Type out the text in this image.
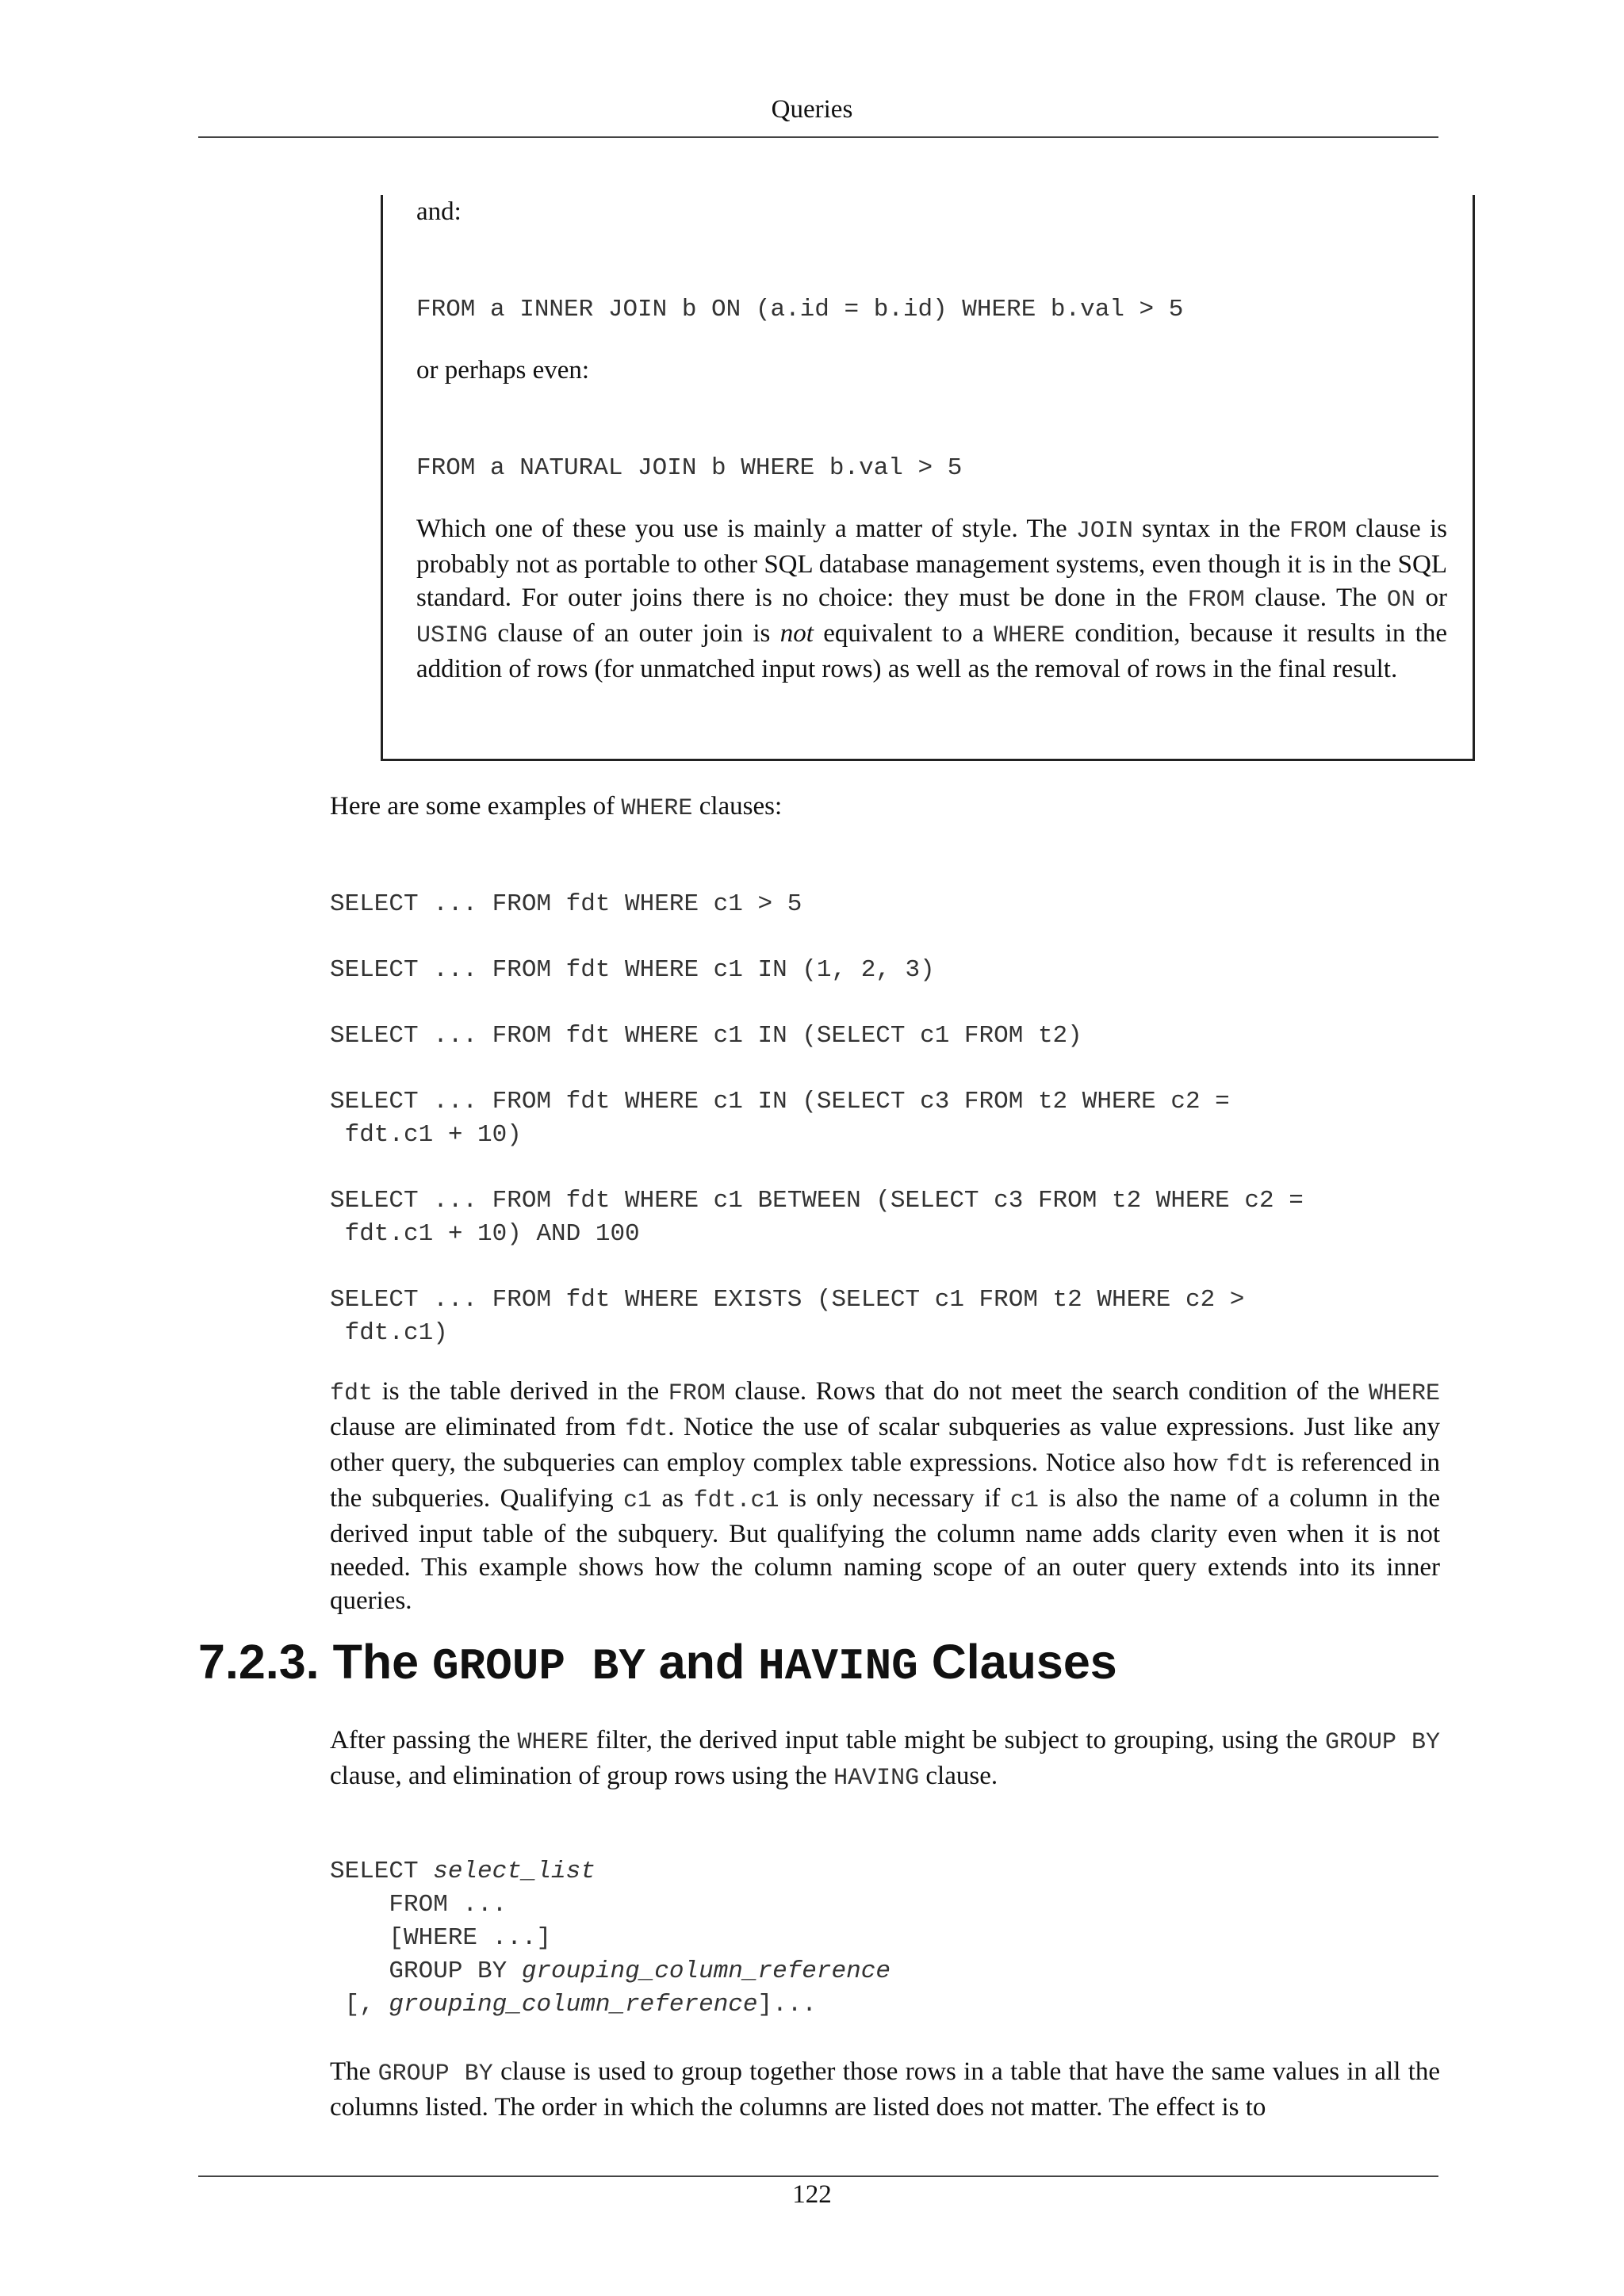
Queries
and:
FROM a INNER JOIN b ON (a.id = b.id) WHERE b.val > 5
or perhaps even:
FROM a NATURAL JOIN b WHERE b.val > 5
Which one of these you use is mainly a matter of style. The JOIN syntax in the FROM clause is probably not as portable to other SQL database management systems, even though it is in the SQL standard. For outer joins there is no choice: they must be done in the FROM clause. The ON or USING clause of an outer join is not equivalent to a WHERE condition, because it results in the addition of rows (for unmatched input rows) as well as the removal of rows in the final result.
Here are some examples of WHERE clauses:
SELECT ... FROM fdt WHERE c1 > 5
SELECT ... FROM fdt WHERE c1 IN (1, 2, 3)
SELECT ... FROM fdt WHERE c1 IN (SELECT c1 FROM t2)
SELECT ... FROM fdt WHERE c1 IN (SELECT c3 FROM t2 WHERE c2 =
fdt.c1 + 10)
SELECT ... FROM fdt WHERE c1 BETWEEN (SELECT c3 FROM t2 WHERE c2 =
fdt.c1 + 10) AND 100
SELECT ... FROM fdt WHERE EXISTS (SELECT c1 FROM t2 WHERE c2 >
fdt.c1)
fdt is the table derived in the FROM clause. Rows that do not meet the search condition of the WHERE clause are eliminated from fdt. Notice the use of scalar subqueries as value expressions. Just like any other query, the subqueries can employ complex table expressions. Notice also how fdt is referenced in the subqueries. Qualifying c1 as fdt.c1 is only necessary if c1 is also the name of a column in the derived input table of the subquery. But qualifying the column name adds clarity even when it is not needed. This example shows how the column naming scope of an outer query extends into its inner queries.
7.2.3. The GROUP BY and HAVING Clauses
After passing the WHERE filter, the derived input table might be subject to grouping, using the GROUP BY clause, and elimination of group rows using the HAVING clause.
SELECT select_list
FROM ...
[WHERE ...]
GROUP BY grouping_column_reference
[, grouping_column_reference]...
The GROUP BY clause is used to group together those rows in a table that have the same values in all the columns listed. The order in which the columns are listed does not matter. The effect is to
122
